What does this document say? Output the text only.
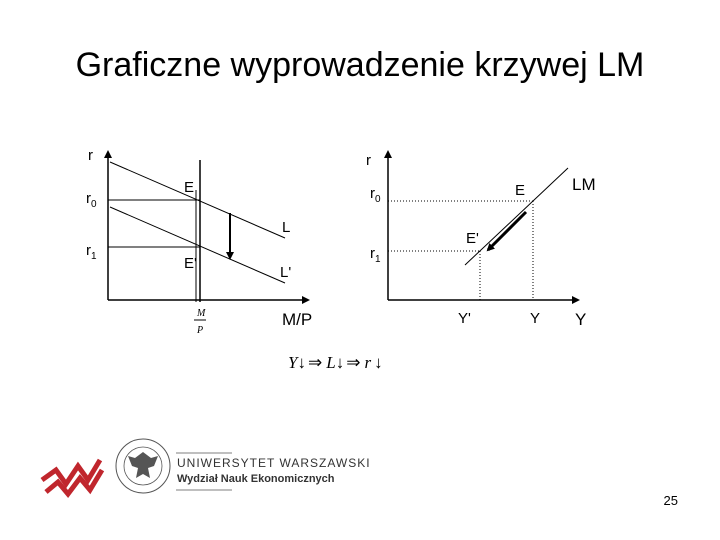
Graficzne wyprowadzenie krzywej LM
r
$r_0$
$r_1$
E
E'
L
L'
M
P
M/P
r
$r_0$
$r_1$
LM
E
E'
Y'	Y Y
Y↓ ⇒ L↓ ⇒ r ↓
UNIWERSYTET WARSZAWSKI
Wydział Nauk Ekonomicznych
25
